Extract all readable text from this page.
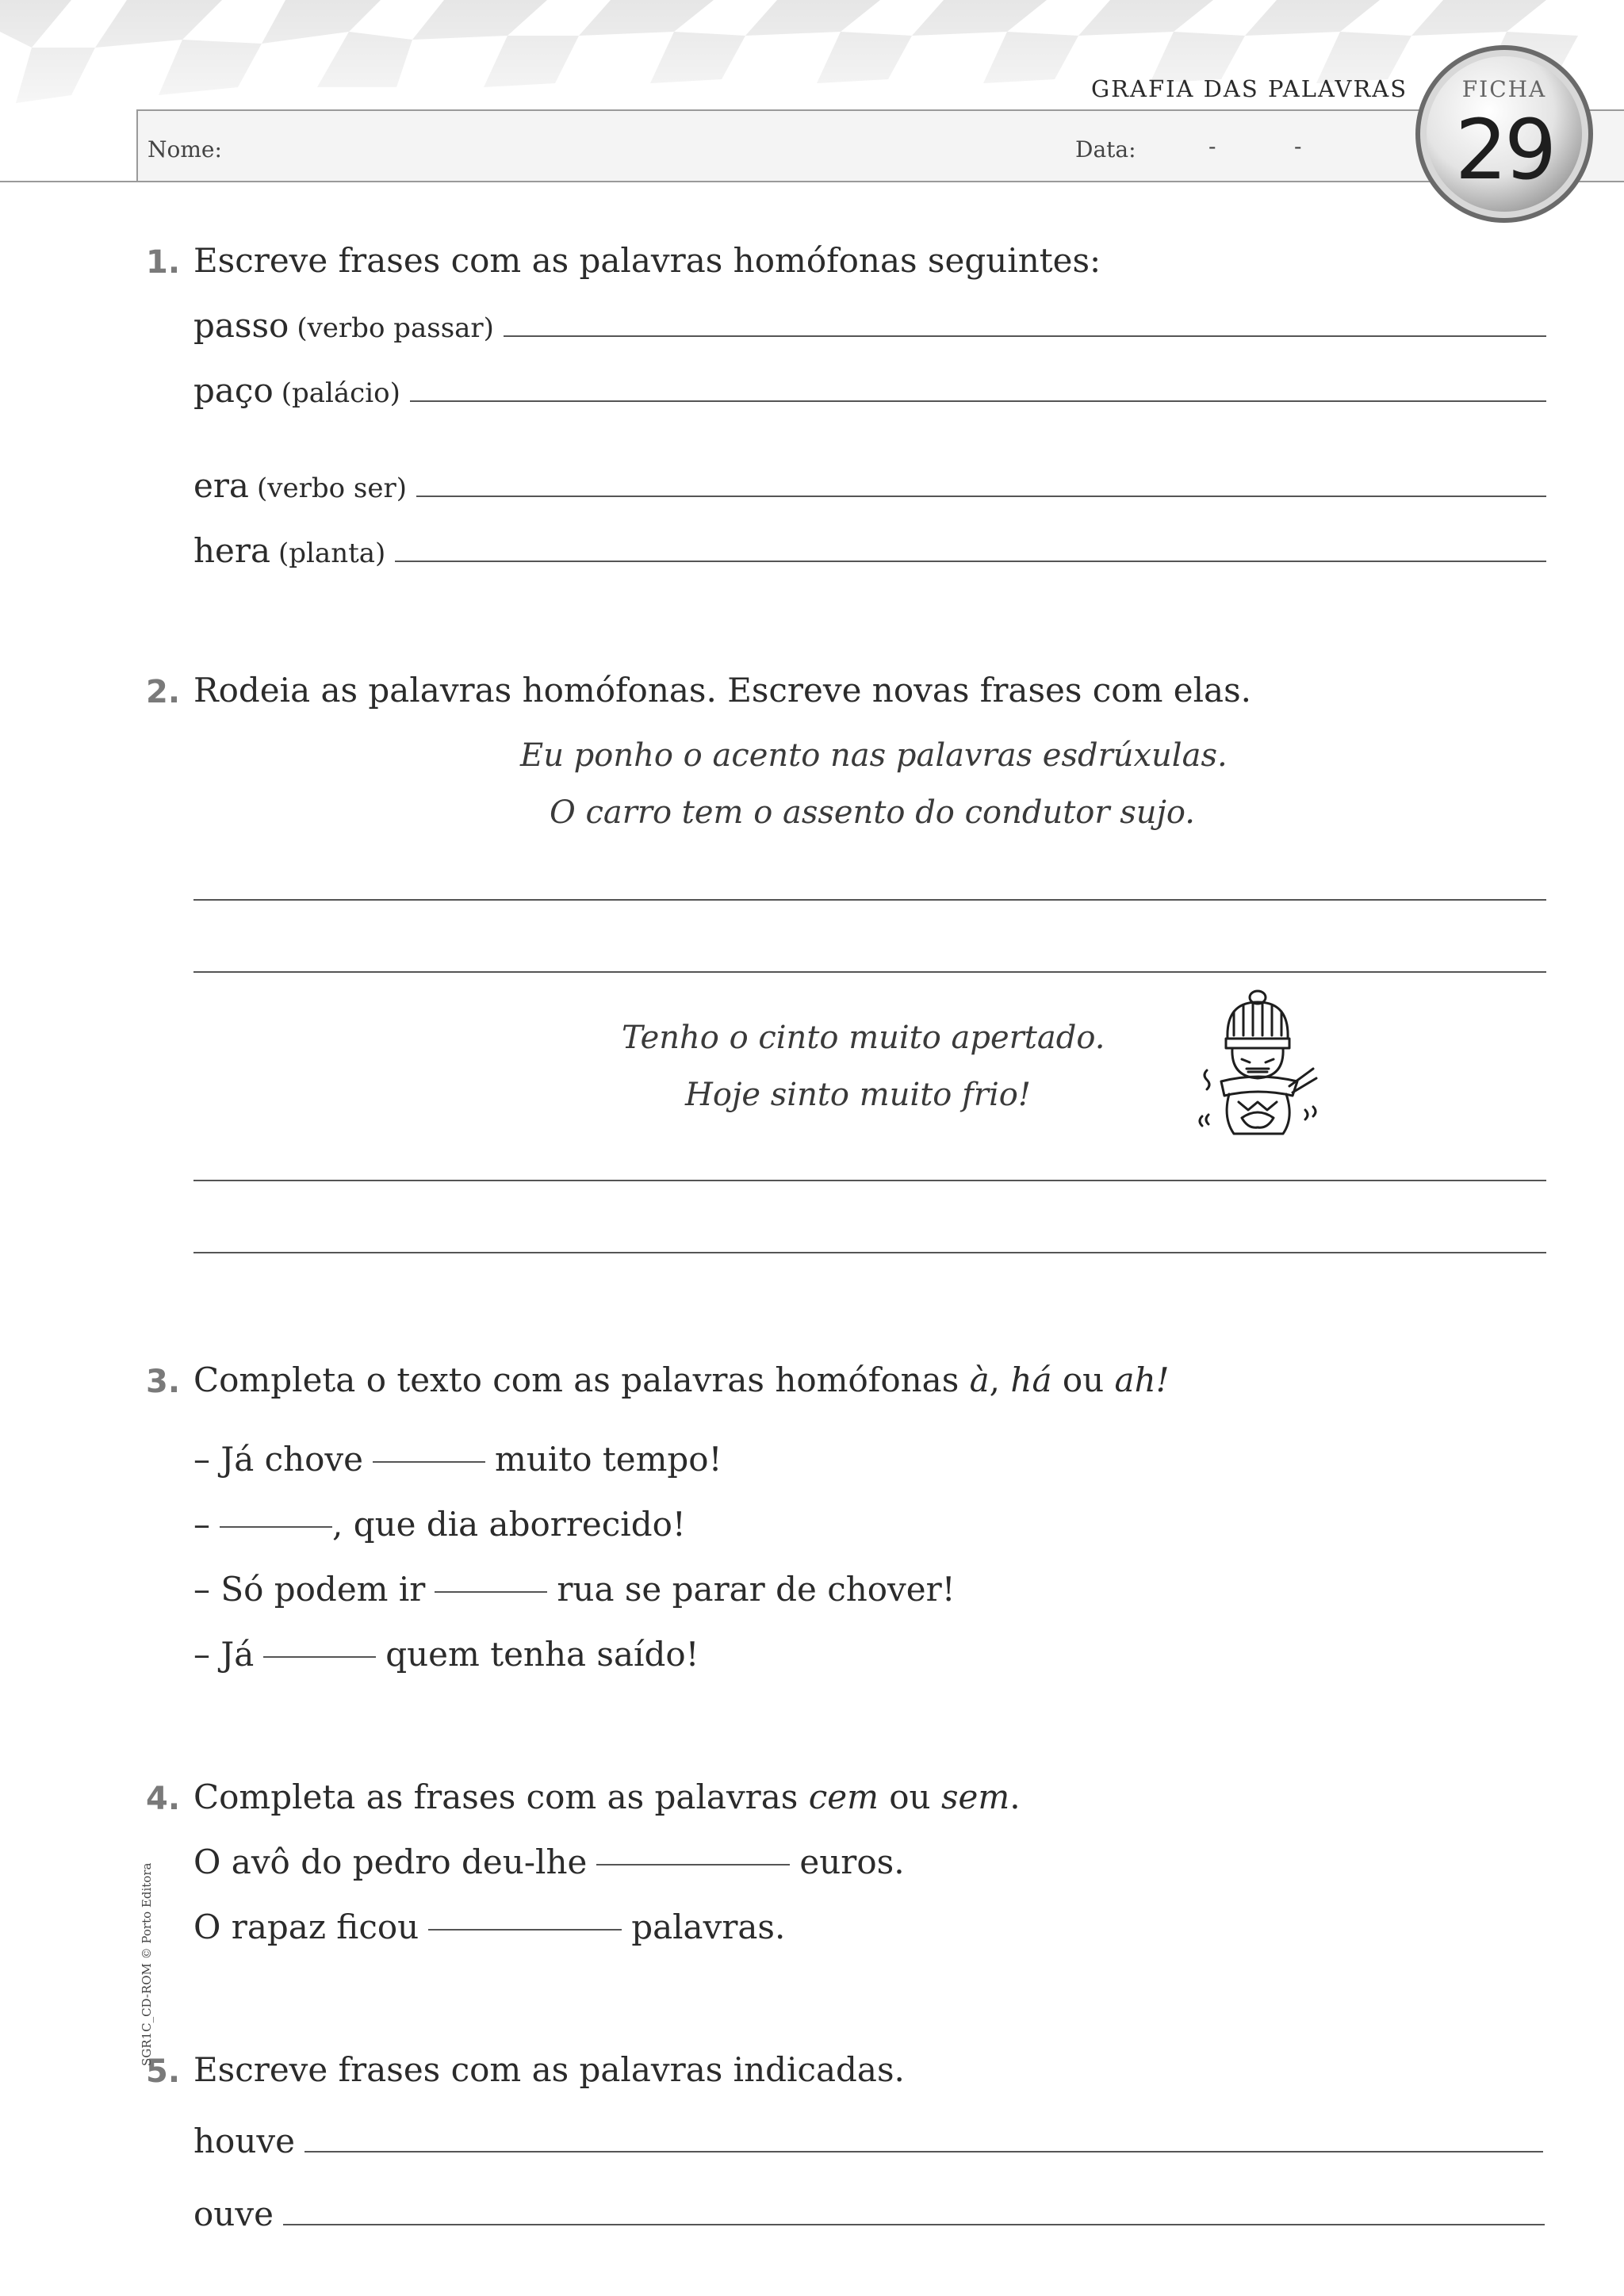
GRAFIA DAS PALAVRAS
Nome:	Data:	-	-
FICHA
29
1. Escreve frases com as palavras homófonas seguintes:
passo (verbo passar)
paço (palácio)
era (verbo ser)
hera (planta)
2. Rodeia as palavras homófonas. Escreve novas frases com elas.
Eu ponho o acento nas palavras esdrúxulas.
O carro tem o assento do condutor sujo.
Tenho o cinto muito apertado.
Hoje sinto muito frio!
3. Completa o texto com as palavras homófonas à, há ou ah!
– Já chove	muito tempo!
–	, que dia aborrecido!
– Só podem ir	rua se parar de chover!
– Já	quem tenha saído!
4. Completa as frases com as palavras cem ou sem.
O avô do pedro deu-lhe	euros.
O rapaz ficou	palavras.
5. Escreve frases com as palavras indicadas.
houve
ouve
SGR1C_CD-ROM © Porto Editora
